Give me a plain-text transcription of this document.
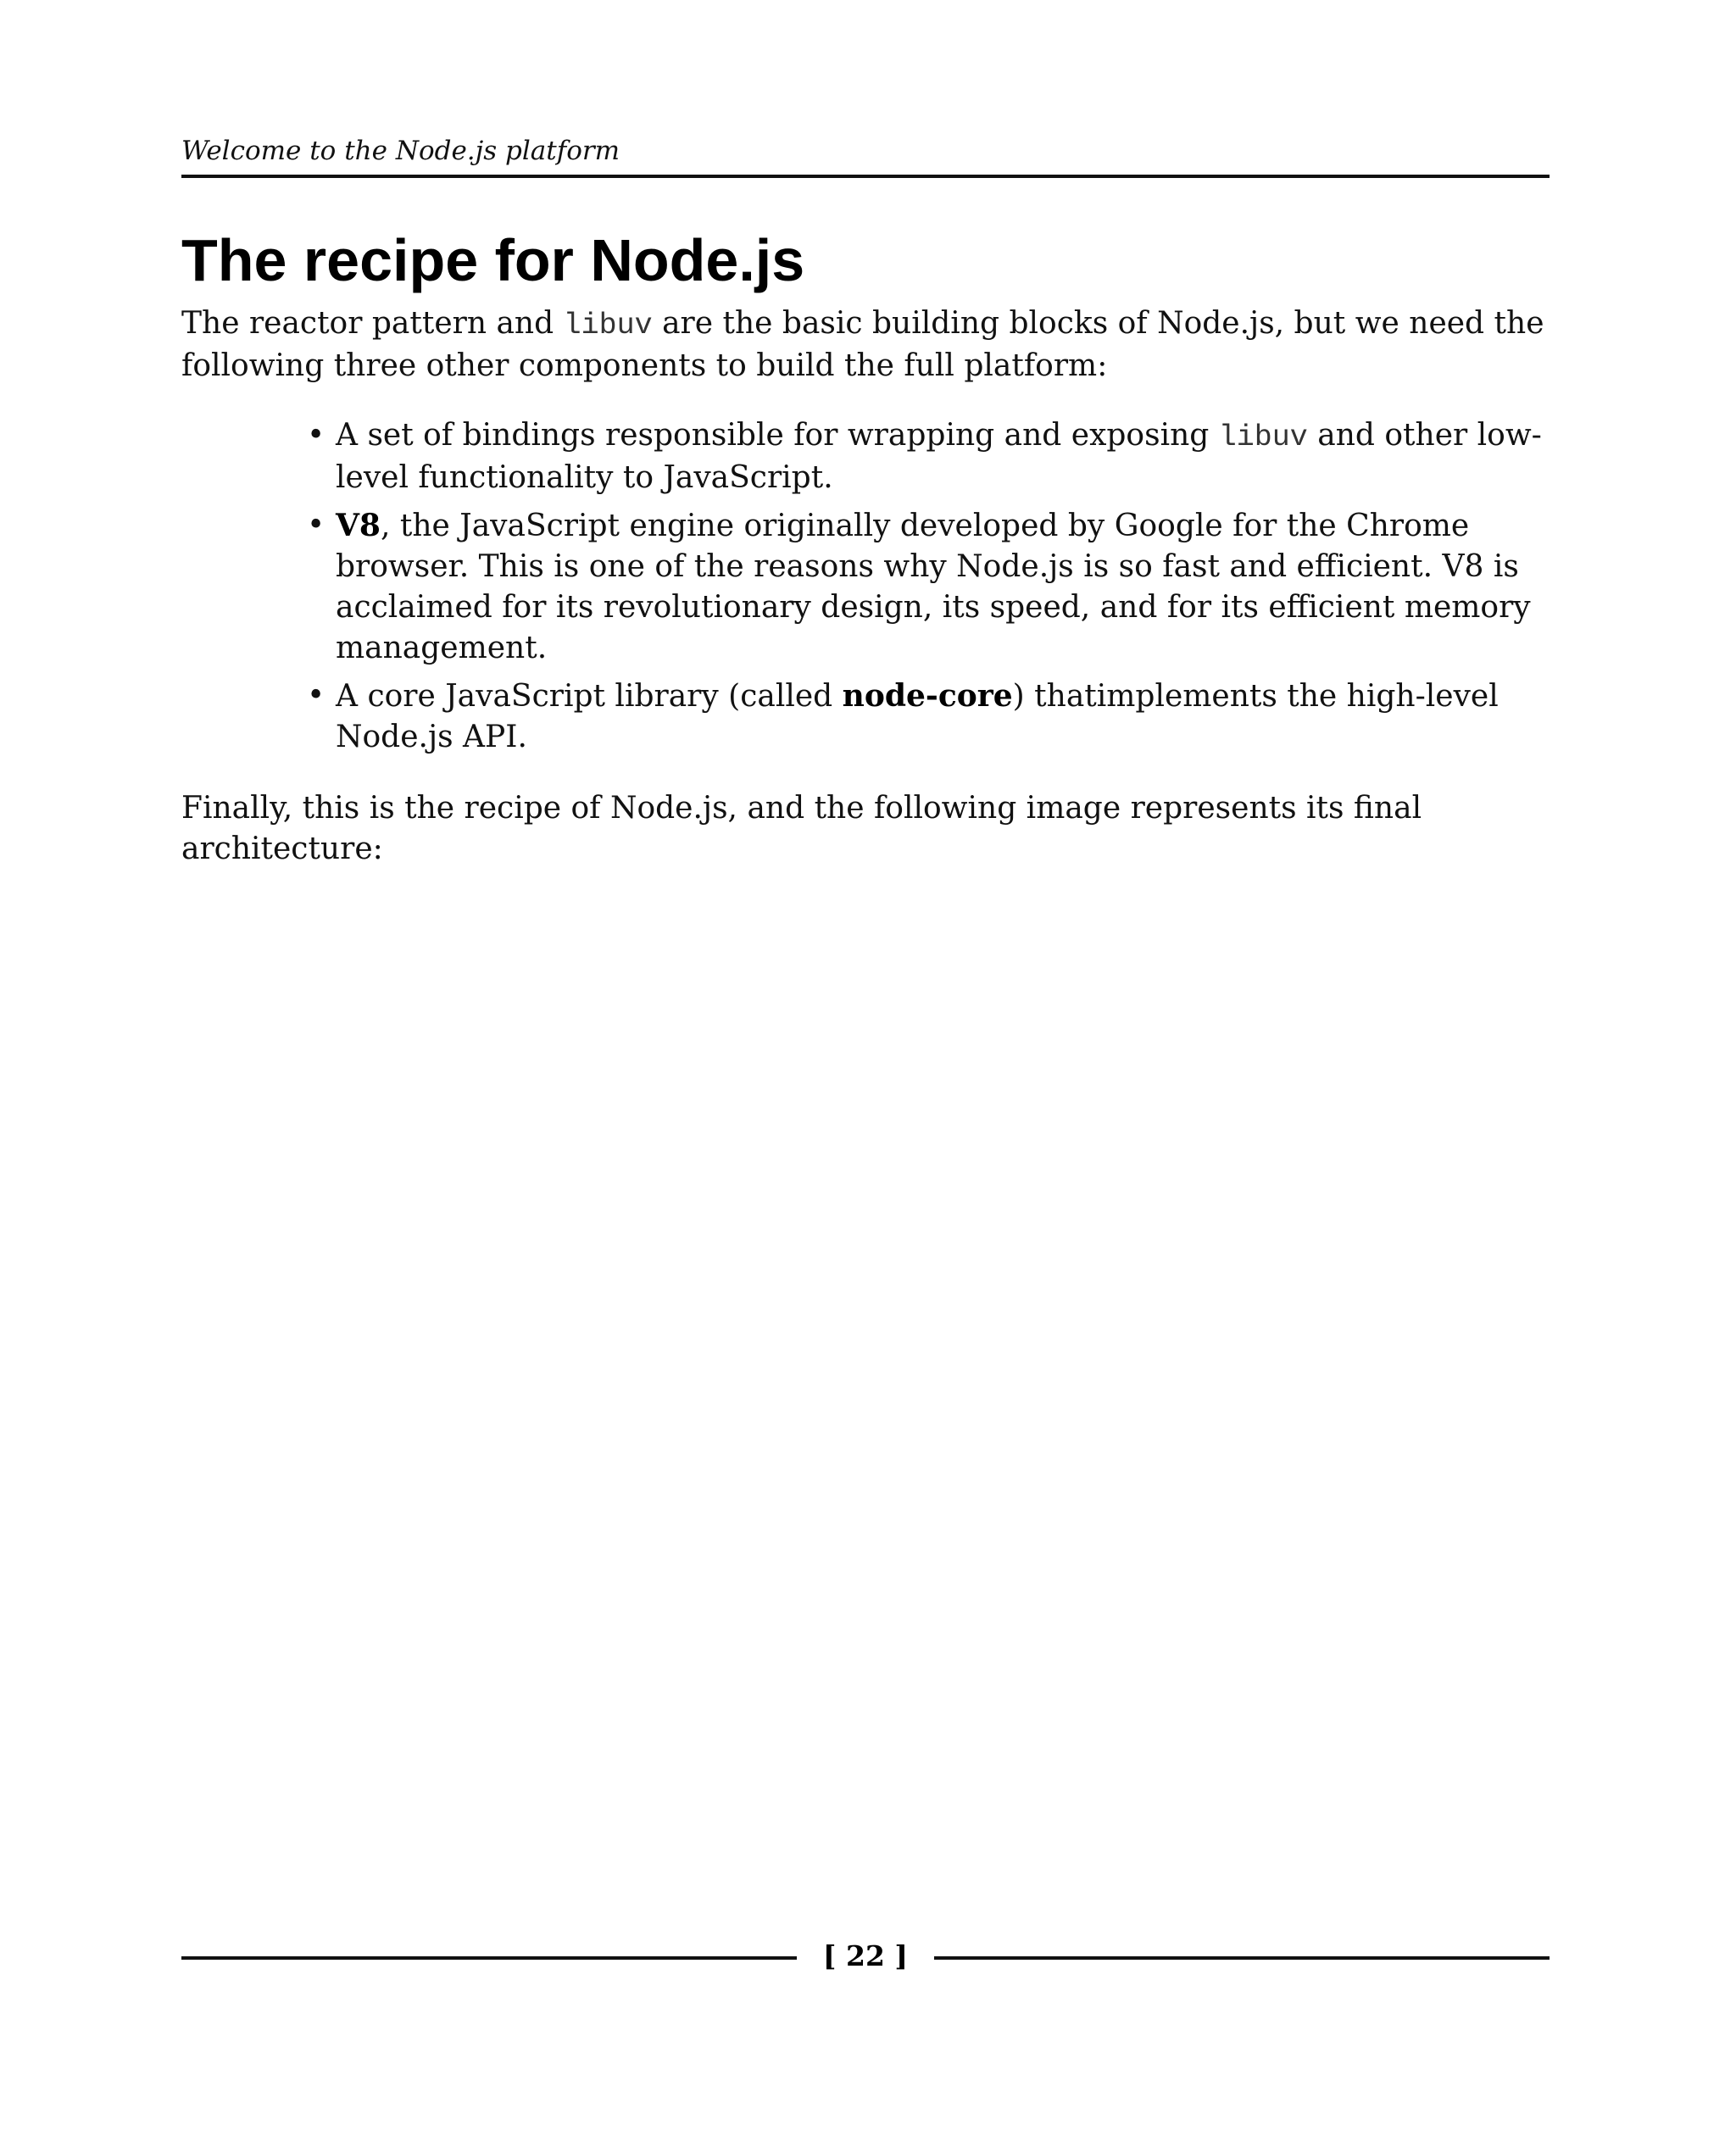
Welcome to the Node.js platform
The recipe for Node.js

The reactor pattern and libuv are the basic building blocks of Node.js, but we need the following three other components to build the full platform:

• A set of bindings responsible for wrapping and exposing libuv and other low-level functionality to JavaScript.
• V8, the JavaScript engine originally developed by Google for the Chrome browser. This is one of the reasons why Node.js is so fast and efficient. V8 is acclaimed for its revolutionary design, its speed, and for its efficient memory management.
• A core JavaScript library (called node-core) thatimplements the high-level Node.js API.

Finally, this is the recipe of Node.js, and the following image represents its final architecture:

[ 22 ]
